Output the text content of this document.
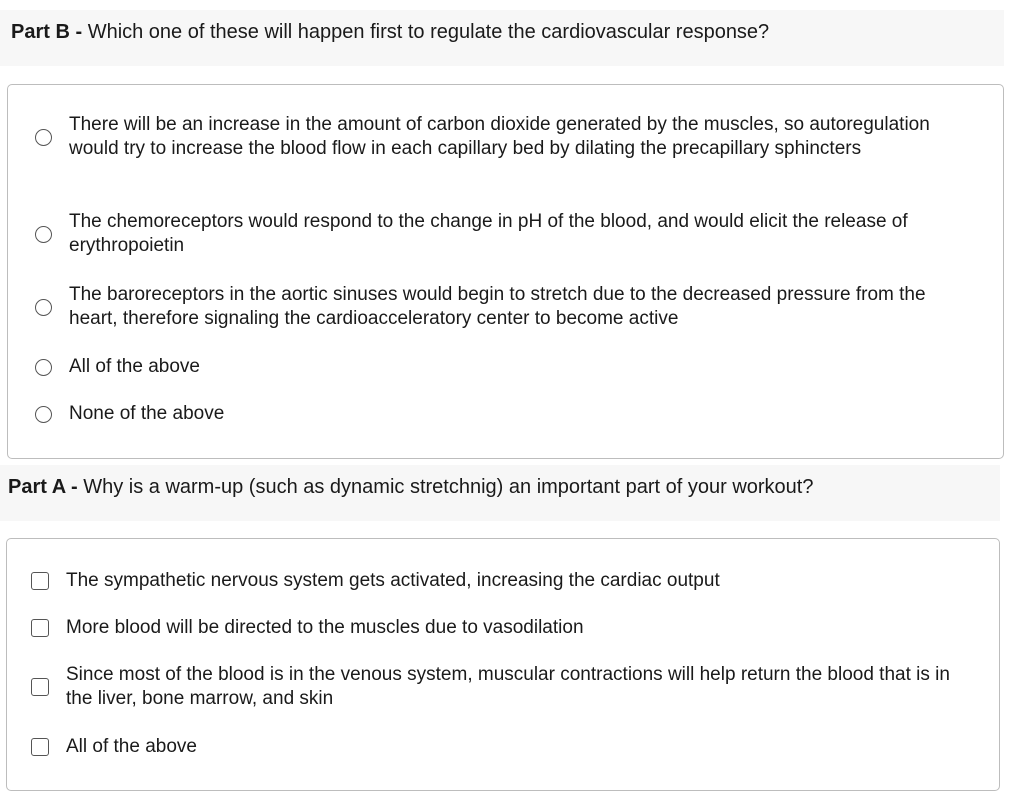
Part B - Which one of these will happen first to regulate the cardiovascular response?
There will be an increase in the amount of carbon dioxide generated by the muscles, so autoregulation would try to increase the blood flow in each capillary bed by dilating the precapillary sphincters
The chemoreceptors would respond to the change in pH of the blood, and would elicit the release of erythropoietin
The baroreceptors in the aortic sinuses would begin to stretch due to the decreased pressure from the heart, therefore signaling the cardioacceleratory center to become active
All of the above
None of the above
Part A - Why is a warm-up (such as dynamic stretchnig) an important part of your workout?
The sympathetic nervous system gets activated, increasing the cardiac output
More blood will be directed to the muscles due to vasodilation
Since most of the blood is in the venous system, muscular contractions will help return the blood that is in the liver, bone marrow, and skin
All of the above
